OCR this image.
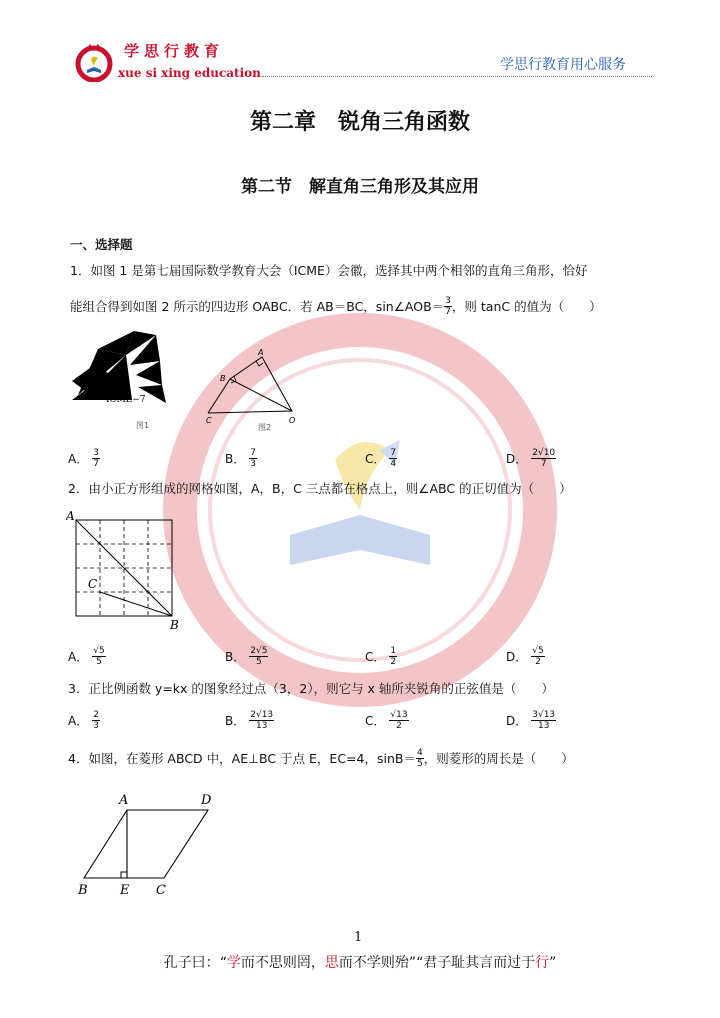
学思行教育
xue si xing education	学思行教育用心服务
第二章　锐角三角函数
第二节　解直角三角形及其应用
一、选择题
1．如图 1 是第七届国际数学教育大会（ICME）会徽，选择其中两个相邻的直角三角形，恰好
能组合得到如图 2 所示的四边形 OABC．若 AB＝BC，sin∠AOB＝ $\frac{3}{7}$ ，则 tanC 的值为（　　）
ICME−7
图1
A
B
C	O
图2
A． $\frac{3}{7}$	B． $\frac{7}{3}$	C． $\frac{7}{4}$	D． $\frac{2√10}{7}$
2．由小正方形组成的网格如图，A，B，C 三点都在格点上，则∠ABC 的正切值为（　　）
A
C
B
A． $\frac{√5}{5}$	B． $\frac{2√5}{5}$	C． $\frac{1}{2}$	D． $\frac{√5}{2}$
3．正比例函数 y=kx 的图象经过点（3，2），则它与 x 轴所夹锐角的正弦值是（　　）
A． $\frac{2}{3}$	B． $\frac{2√13}{13}$	C． $\frac{√13}{2}$	D． $\frac{3√13}{13}$
4．如图，在菱形 ABCD 中，AE⊥BC 于点 E，EC=4，$\sin B= \frac{4}{5}$ ，则菱形的周长是（　　）
A	D
B E C
1
孔子曰：“学而不思则罔，思而不学则殆”“君子耻其言而过于行”
